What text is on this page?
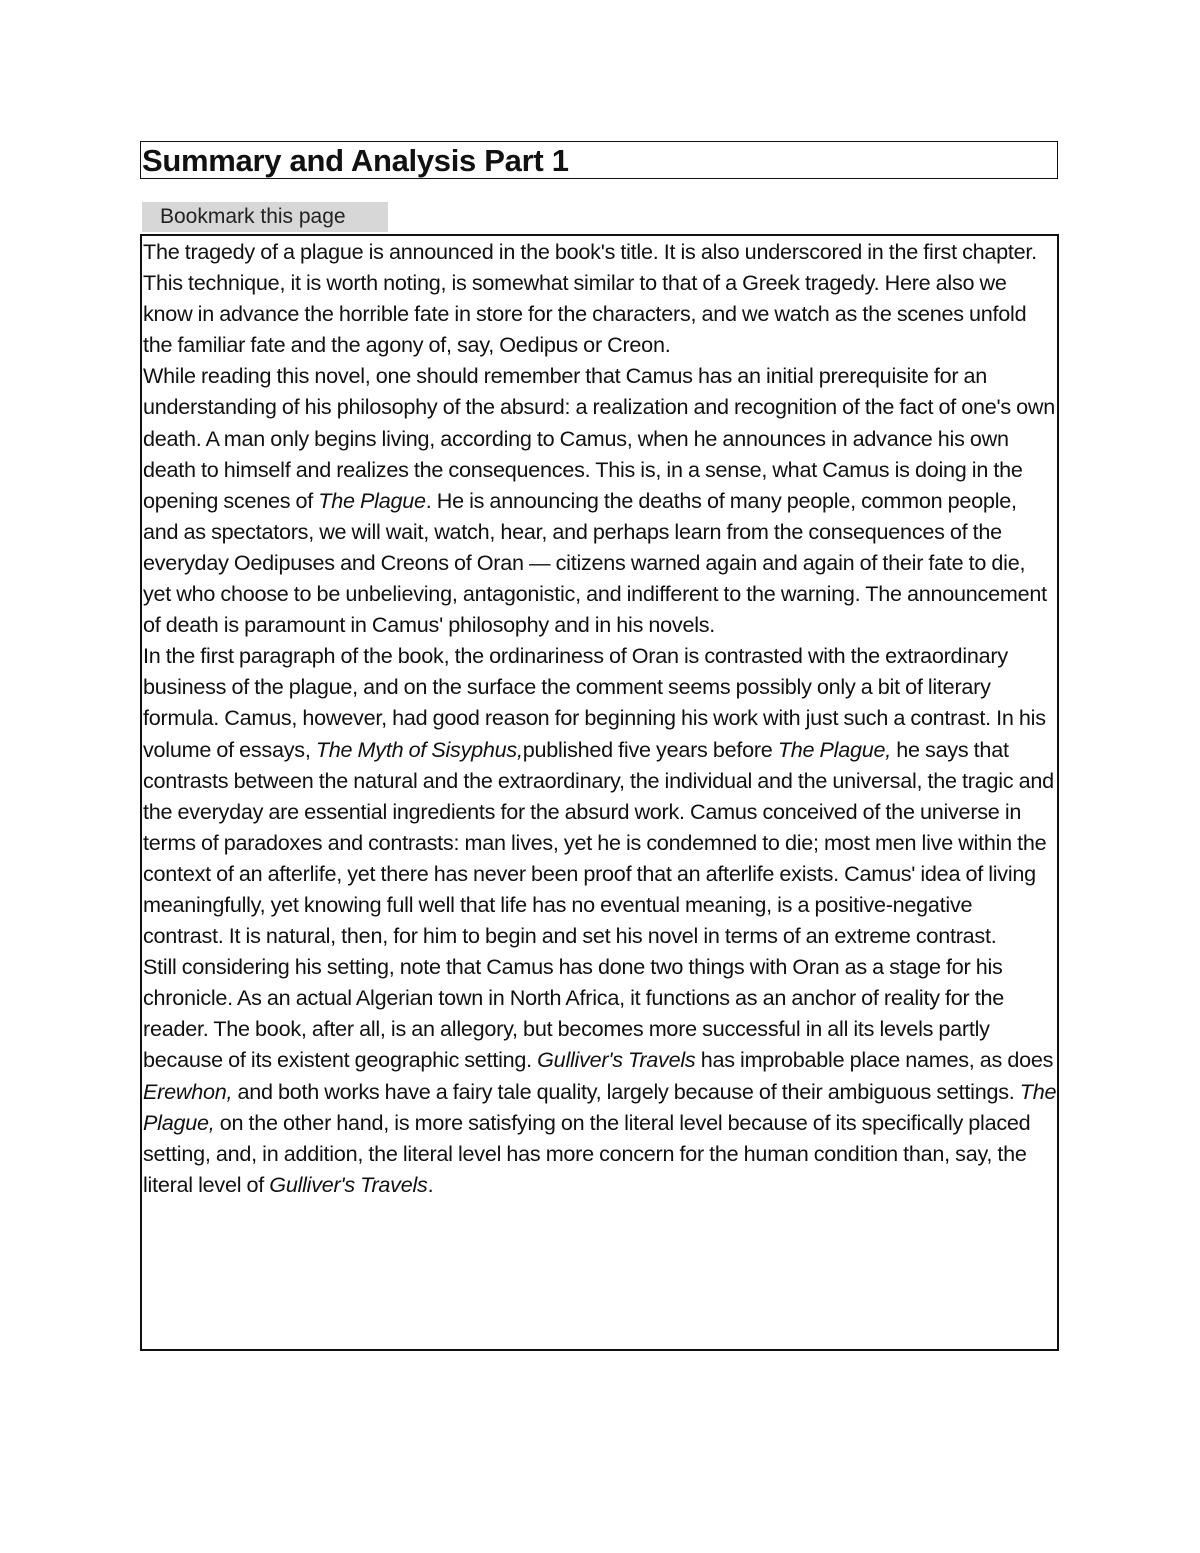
Summary and Analysis Part 1
Bookmark this page

The tragedy of a plague is announced in the book's title. It is also underscored in the first chapter. This technique, it is worth noting, is somewhat similar to that of a Greek tragedy. Here also we know in advance the horrible fate in store for the characters, and we watch as the scenes unfold the familiar fate and the agony of, say, Oedipus or Creon.

While reading this novel, one should remember that Camus has an initial prerequisite for an understanding of his philosophy of the absurd: a realization and recognition of the fact of one's own death. A man only begins living, according to Camus, when he announces in advance his own death to himself and realizes the consequences. This is, in a sense, what Camus is doing in the opening scenes of The Plague. He is announcing the deaths of many people, common people, and as spectators, we will wait, watch, hear, and perhaps learn from the consequences of the everyday Oedipuses and Creons of Oran — citizens warned again and again of their fate to die, yet who choose to be unbelieving, antagonistic, and indifferent to the warning. The announcement of death is paramount in Camus' philosophy and in his novels.

In the first paragraph of the book, the ordinariness of Oran is contrasted with the extraordinary business of the plague, and on the surface the comment seems possibly only a bit of literary formula. Camus, however, had good reason for beginning his work with just such a contrast. In his volume of essays, The Myth of Sisyphus,published five years before The Plague, he says that contrasts between the natural and the extraordinary, the individual and the universal, the tragic and the everyday are essential ingredients for the absurd work. Camus conceived of the universe in terms of paradoxes and contrasts: man lives, yet he is condemned to die; most men live within the context of an afterlife, yet there has never been proof that an afterlife exists. Camus' idea of living meaningfully, yet knowing full well that life has no eventual meaning, is a positive-negative contrast. It is natural, then, for him to begin and set his novel in terms of an extreme contrast.

Still considering his setting, note that Camus has done two things with Oran as a stage for his chronicle. As an actual Algerian town in North Africa, it functions as an anchor of reality for the reader. The book, after all, is an allegory, but becomes more successful in all its levels partly because of its existent geographic setting. Gulliver's Travels has improbable place names, as does Erewhon, and both works have a fairy tale quality, largely because of their ambiguous settings. The Plague, on the other hand, is more satisfying on the literal level because of its specifically placed setting, and, in addition, the literal level has more concern for the human condition than, say, the literal level of Gulliver's Travels.
